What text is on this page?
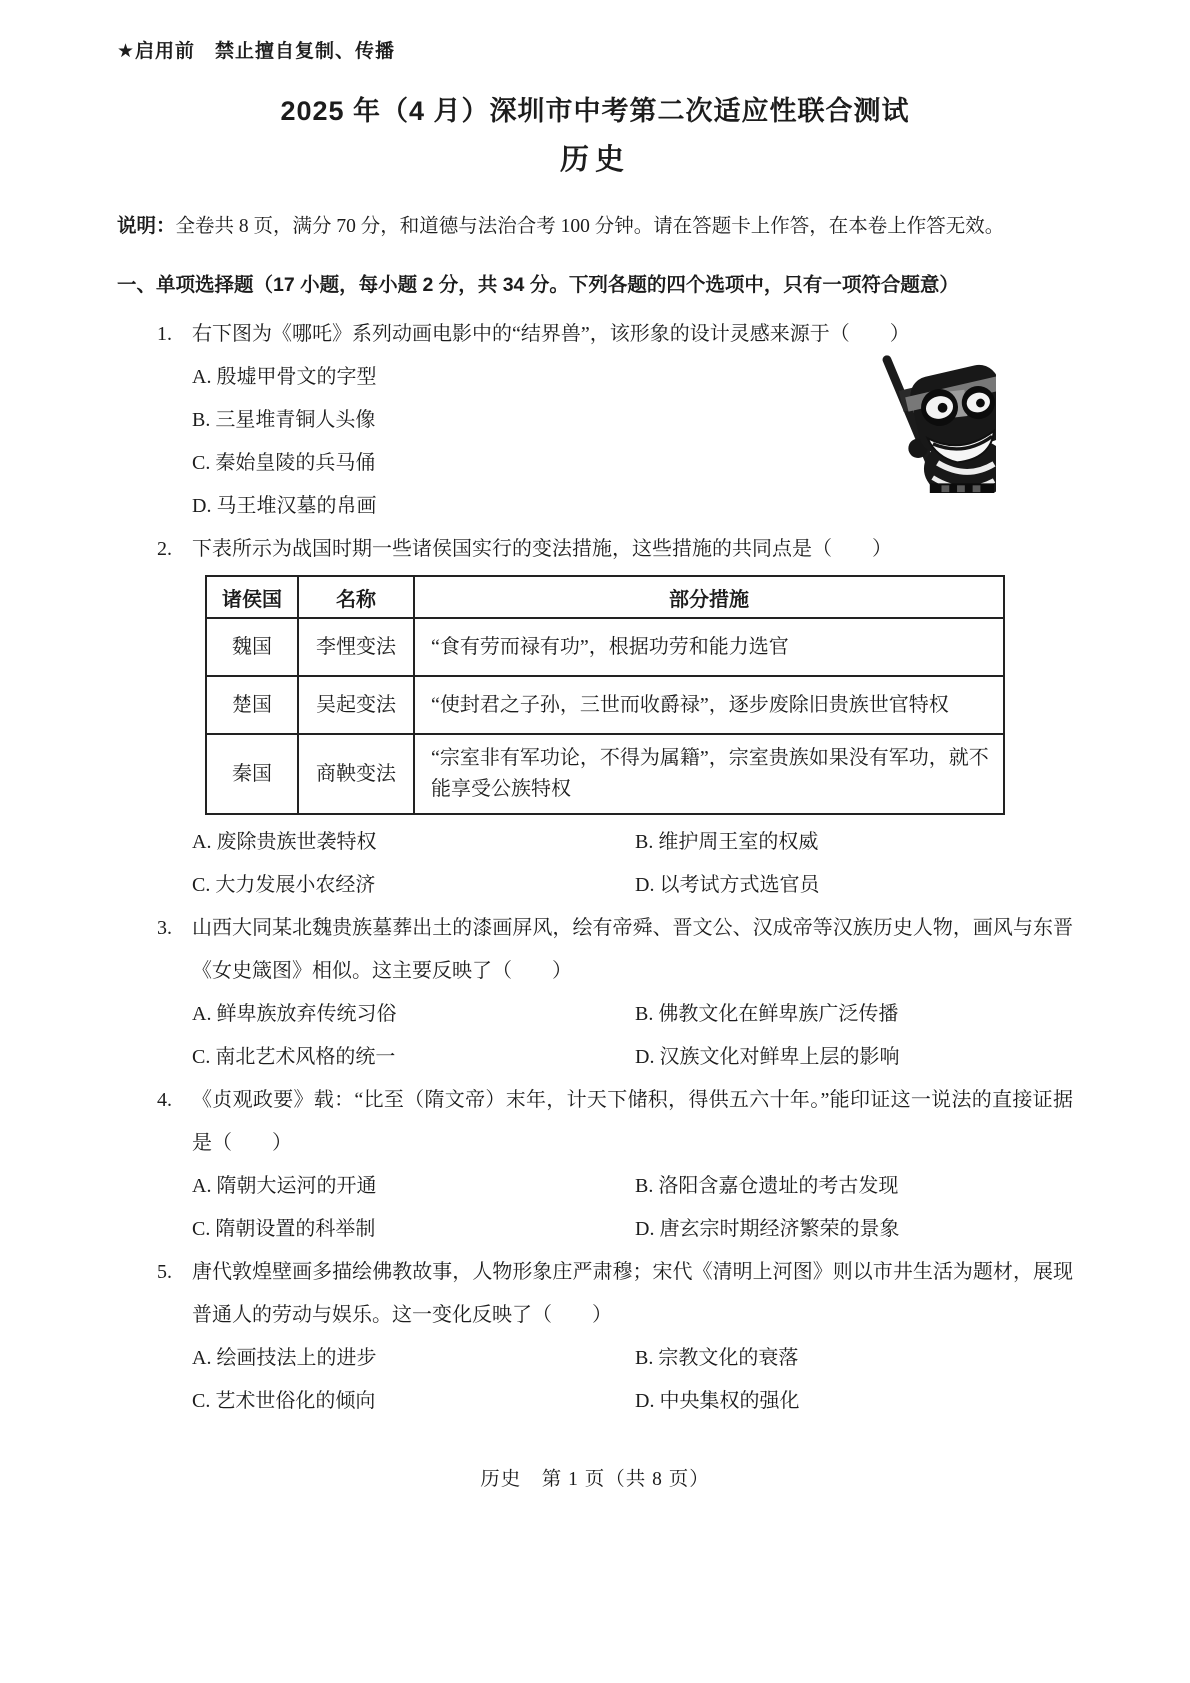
★启用前　禁止擅自复制、传播
2025 年（4 月）深圳市中考第二次适应性联合测试
历史

说明：全卷共 8 页，满分 70 分，和道德与法治合考 100 分钟。请在答题卡上作答，在本卷上作答无效。

一、单项选择题（17 小题，每小题 2 分，共 34 分。下列各题的四个选项中，只有一项符合题意）

1.	右下图为《哪吒》系列动画电影中的“结界兽”，该形象的设计灵感来源于（　　）

A. 殷墟甲骨文的字型
B. 三星堆青铜人头像
C. 秦始皇陵的兵马俑
D. 马王堆汉墓的帛画
2.	下表所示为战国时期一些诸侯国实行的变法措施，这些措施的共同点是（　　）

诸侯国	名称	部分措施
魏国	李悝变法	“食有劳而禄有功”，根据功劳和能力选官
楚国	吴起变法	“使封君之子孙，三世而收爵禄”，逐步废除旧贵族世官特权
秦国	商鞅变法	“宗室非有军功论，不得为属籍”，宗室贵族如果没有军功，就不能享受公族特权
A. 废除贵族世袭特权	B. 维护周王室的权威
C. 大力发展小农经济	D. 以考试方式选官员
3.	山西大同某北魏贵族墓葬出土的漆画屏风，绘有帝舜、晋文公、汉成帝等汉族历史人物，画风与东晋《女史箴图》相似。这主要反映了（　　）

A. 鲜卑族放弃传统习俗	B. 佛教文化在鲜卑族广泛传播
C. 南北艺术风格的统一	D. 汉族文化对鲜卑上层的影响
4.	《贞观政要》载：“比至（隋文帝）末年，计天下储积，得供五六十年。”能印证这一说法的直接证据是（　　）

A. 隋朝大运河的开通	B. 洛阳含嘉仓遗址的考古发现
C. 隋朝设置的科举制	D. 唐玄宗时期经济繁荣的景象
5.	唐代敦煌壁画多描绘佛教故事，人物形象庄严肃穆；宋代《清明上河图》则以市井生活为题材，展现普通人的劳动与娱乐。这一变化反映了（　　）

A. 绘画技法上的进步	B. 宗教文化的衰落
C. 艺术世俗化的倾向	D. 中央集权的强化
历史　第 1 页（共 8 页）
